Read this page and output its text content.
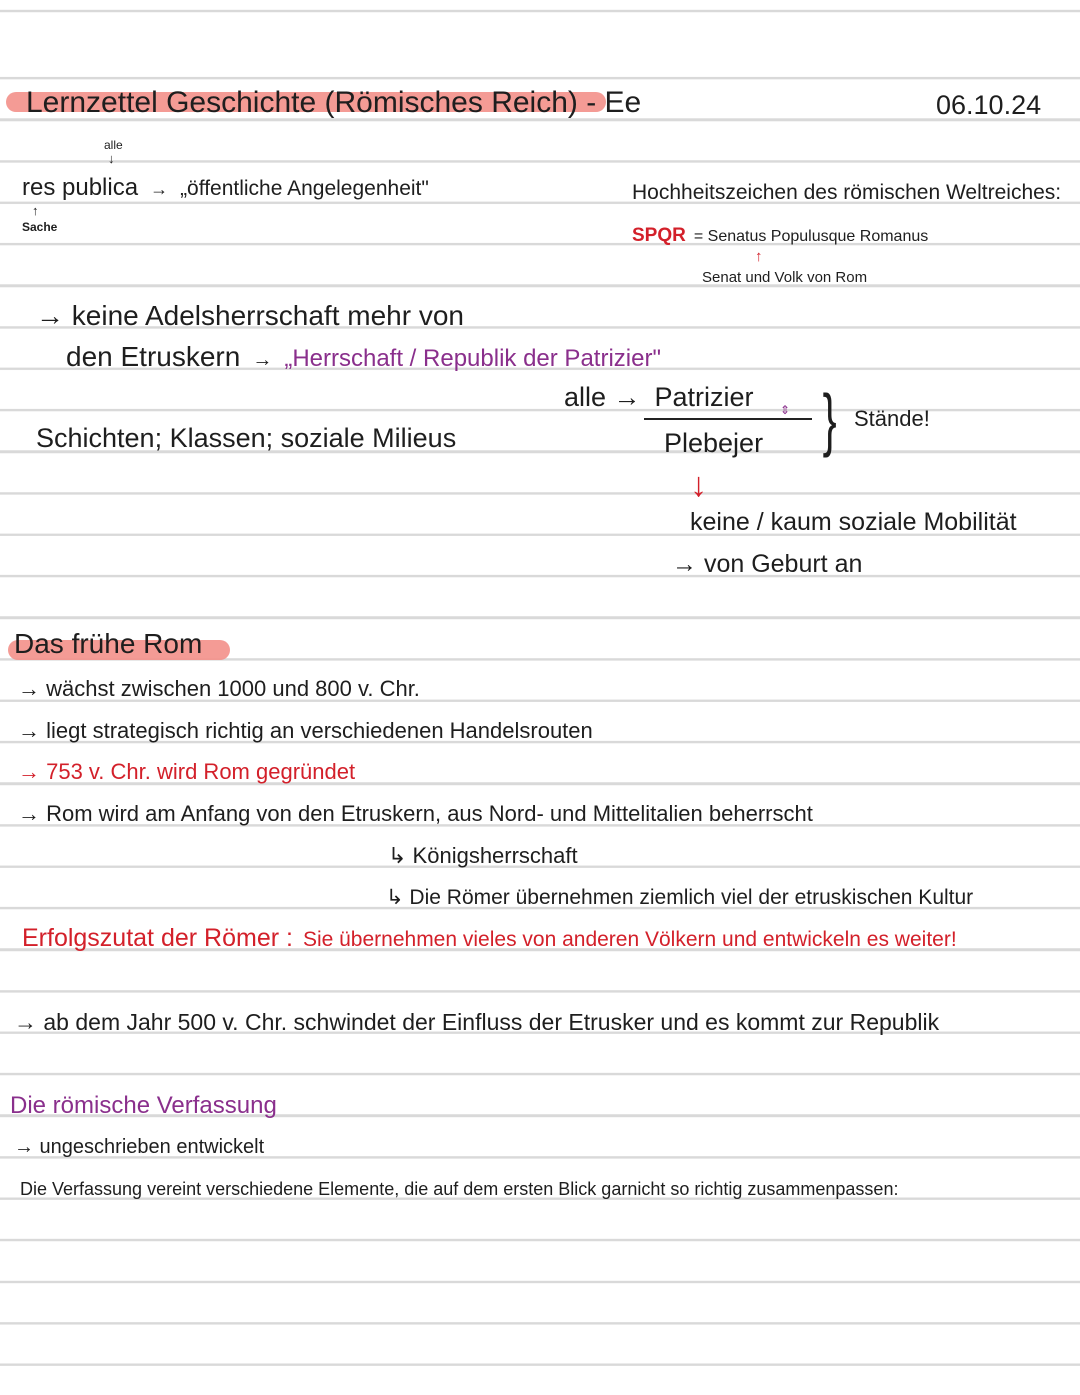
Lernzettel Geschichte (Römisches Reich) - Ee	06.10.24
alle
↓
res publica → „öffentliche Angelegenheit"
↑
Sache
Hochheitszeichen des römischen Weltreiches:
SPQR = Senatus Populusque Romanus
↑
Senat und Volk von Rom
→ keine Adelsherrschaft mehr von
den Etruskern → „Herrschaft / Republik der Patrizier"
Schichten; Klassen; soziale Milieus
alle → Patrizier ⇕
Plebejer } Stände!
↓
keine / kaum soziale Mobilität
→ von Geburt an
Das frühe Rom
→ wächst zwischen 1000 und 800 v. Chr.
→ liegt strategisch richtig an verschiedenen Handelsrouten
→ 753 v. Chr. wird Rom gegründet
→ Rom wird am Anfang von den Etruskern, aus Nord- und Mittelitalien beherrscht
↳ Königsherrschaft
↳ Die Römer übernehmen ziemlich viel der etruskischen Kultur
Erfolgszutat der Römer : Sie übernehmen vieles von anderen Völkern und entwickeln es weiter!
→ ab dem Jahr 500 v. Chr. schwindet der Einfluss der Etrusker und es kommt zur Republik
Die römische Verfassung
→ ungeschrieben entwickelt
Die Verfassung vereint verschiedene Elemente, die auf dem ersten Blick garnicht so richtig zusammenpassen:
